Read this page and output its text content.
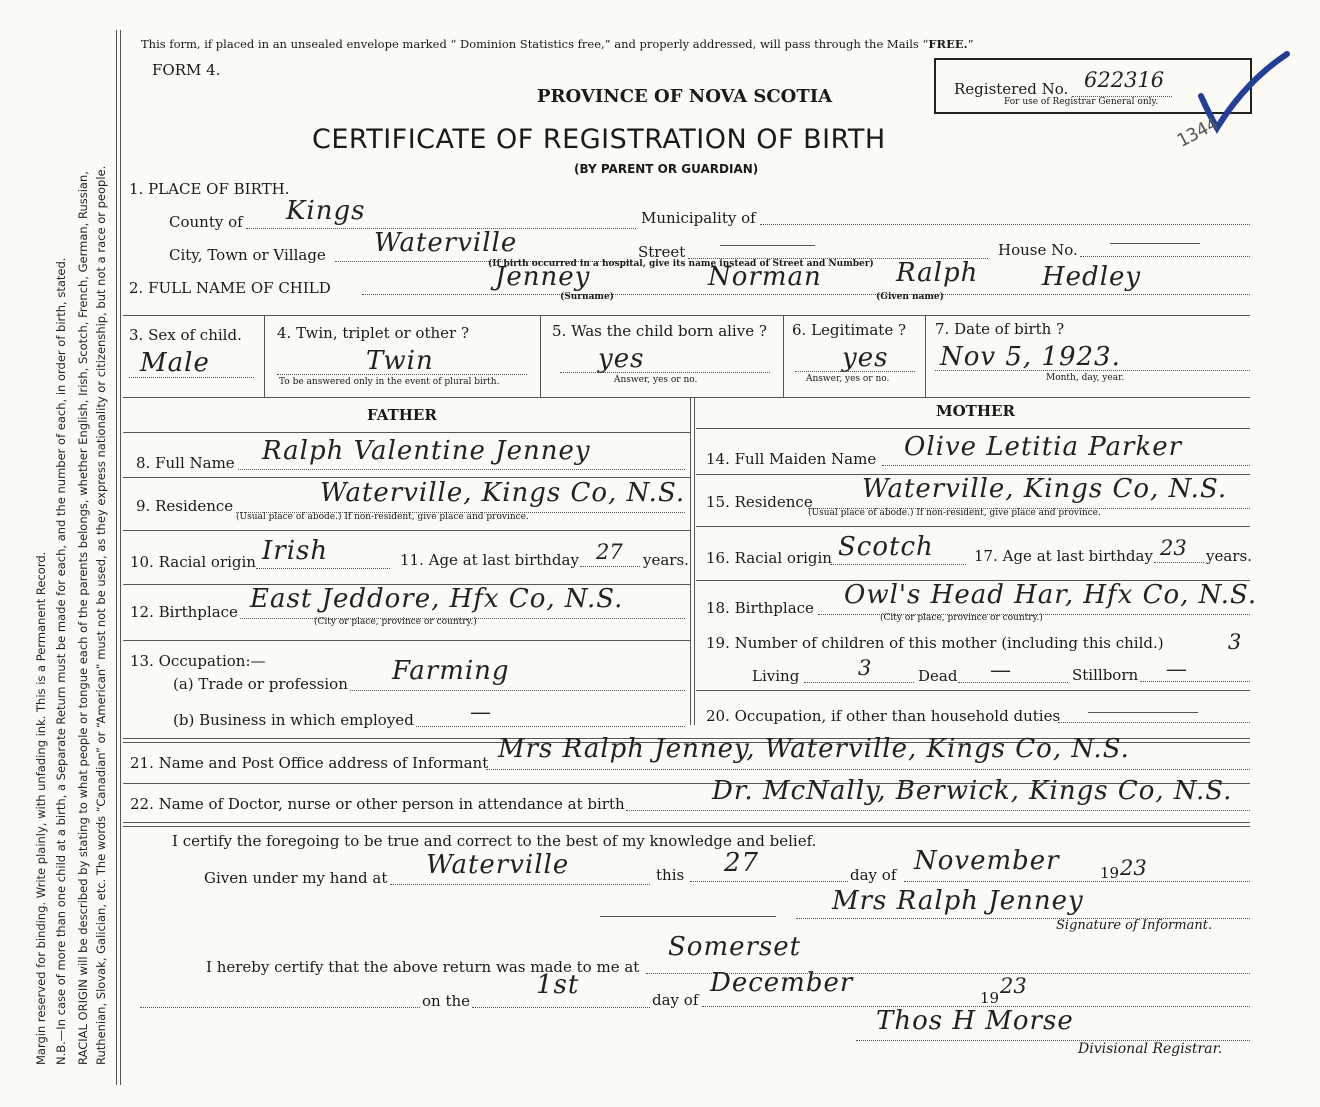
Margin reserved for binding. Write plainly, with unfading ink. This is a Permanent Record. N.B.—In case of more than one child at a birth, a Separate Return must be made for each, and the number of each, in order of birth, stated. RACIAL ORIGIN will be described by stating to what people or tongue each of the parents belongs, whether English, Irish, Scotch, French, German, Russian, Ruthenian, Slovak, Galician, etc. The words “Canadian” or “American” must not be used, as they express nationality or citizenship, but not a race or people.
This form, if placed in an unsealed envelope marked “ Dominion Statistics free,” and properly addressed, will pass through the Mails “FREE.”
FORM 4.
PROVINCE OF NOVA SCOTIA
CERTIFICATE OF REGISTRATION OF BIRTH
(BY PARENT OR GUARDIAN)
Registered No. 622316
For use of Registrar General only.
1344
1. PLACE OF BIRTH.
County of Kings	Municipality of
City, Town or Village Waterville	Street	House No.
(If birth occurred in a hospital, give its name instead of Street and Number)
2. FULL NAME OF CHILD	Jenney
(Surname)
Norman	Ralph Hedley
(Given name)
3. Sex of child.
Male
4. Twin, triplet or other ?
Twin
To be answered only in the event of plural birth.
5. Was the child born alive ?
yes
Answer, yes or no.
6. Legitimate ?
yes
Answer, yes or no.
7. Date of birth ?
Nov 5, 1923.
Month, day, year.
FATHER	MOTHER
8. Full Name Ralph Valentine Jenney
9. Residence	Waterville, Kings Co, N.S.
(Usual place of abode.) If non-resident, give place and province.
10. Racial origin Irish	11. Age at last birthday 27 years.
12. Birthplace East Jeddore, Hfx Co, N.S.
(City or place, province or country.)
13. Occupation:—
(a) Trade or profession Farming
(b) Business in which employed	—
14. Full Maiden Name Olive Letitia Parker
15. Residence Waterville, Kings Co, N.S.
(Usual place of abode.) If non-resident, give place and province.
16. Racial origin Scotch	17. Age at last birthday 23 years.
18. Birthplace Owl's Head Har, Hfx Co, N.S.
(City or place, province or country.)
19. Number of children of this mother (including this child.)	3
Living	3	Dead —	Stillborn —
20. Occupation, if other than household duties
21. Name and Post Office address of Informant Mrs Ralph Jenney, Waterville, Kings Co, N.S.
22. Name of Doctor, nurse or other person in attendance at birth	Dr. McNally, Berwick, Kings Co, N.S.
I certify the foregoing to be true and correct to the best of my knowledge and belief.
Given under my hand at Waterville	this 27	day of November	19 23
Mrs Ralph Jenney
Signature of Informant.
I hereby certify that the above return was made to me at
Somerset
on the
1st	day of
December	19 23
Thos H Morse
Divisional Registrar.
